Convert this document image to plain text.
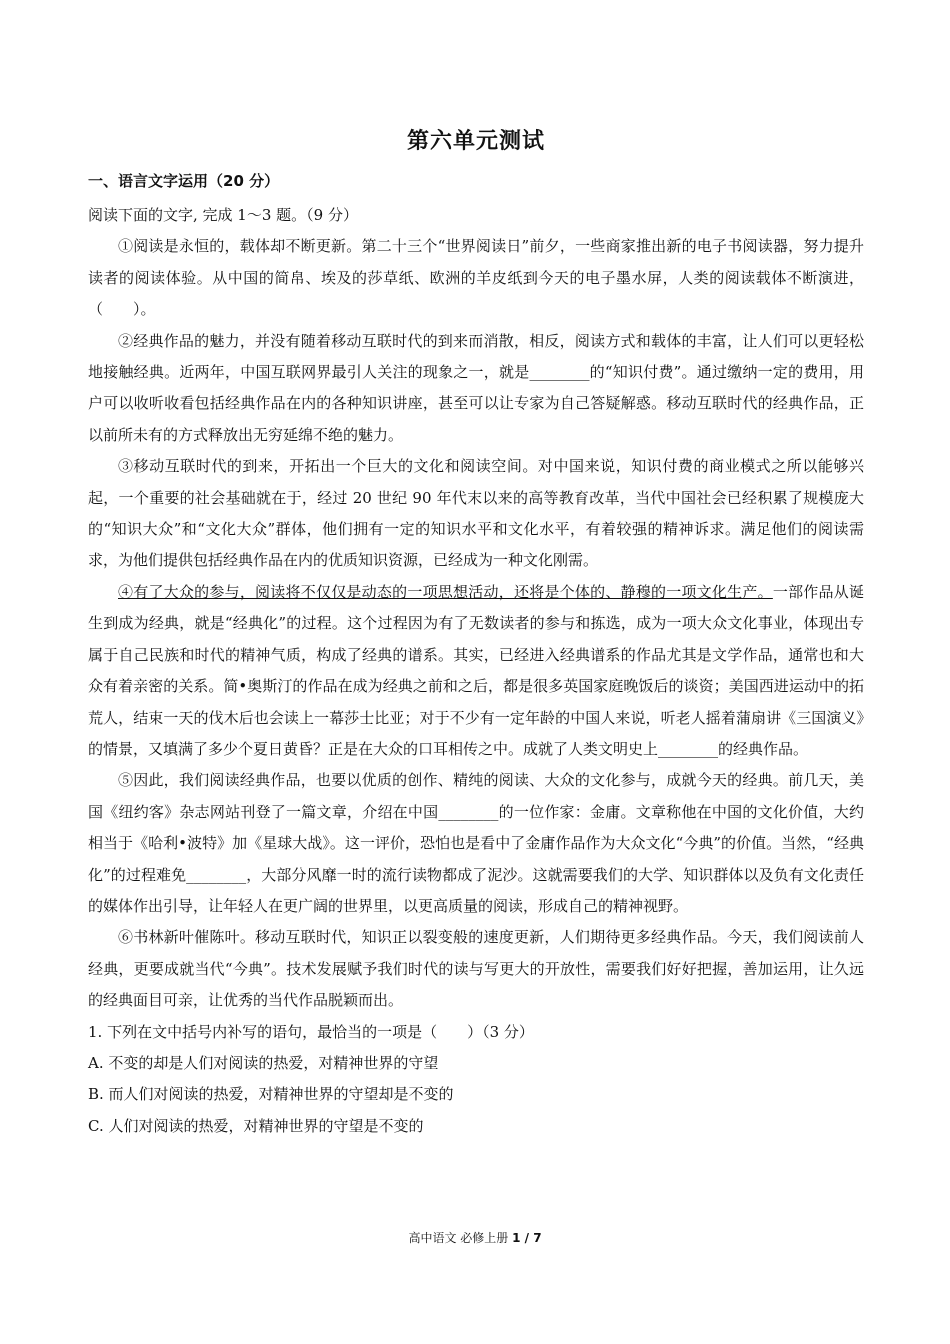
第六单元测试
一、语言文字运用（20 分）

阅读下面的文字, 完成 1～3 题。（9 分）

①阅读是永恒的，载体却不断更新。第二十三个“世界阅读日”前夕，一些商家推出新的电子书阅读器，努力提升读者的阅读体验。从中国的简帛、埃及的莎草纸、欧洲的羊皮纸到今天的电子墨水屏，人类的阅读载体不断演进，（　　）。

②经典作品的魅力，并没有随着移动互联时代的到来而消散，相反，阅读方式和载体的丰富，让人们可以更轻松地接触经典。近两年，中国互联网界最引人关注的现象之一，就是________的“知识付费”。通过缴纳一定的费用，用户可以收听收看包括经典作品在内的各种知识讲座，甚至可以让专家为自己答疑解惑。移动互联时代的经典作品，正以前所未有的方式释放出无穷延绵不绝的魅力。

③移动互联时代的到来，开拓出一个巨大的文化和阅读空间。对中国来说，知识付费的商业模式之所以能够兴起，一个重要的社会基础就在于，经过 20 世纪 90 年代末以来的高等教育改革，当代中国社会已经积累了规模庞大的“知识大众”和“文化大众”群体，他们拥有一定的知识水平和文化水平，有着较强的精神诉求。满足他们的阅读需求，为他们提供包括经典作品在内的优质知识资源，已经成为一种文化刚需。

④有了大众的参与，阅读将不仅仅是动态的一项思想活动，还将是个体的、静穆的一项文化生产。一部作品从诞生到成为经典，就是“经典化”的过程。这个过程因为有了无数读者的参与和拣选，成为一项大众文化事业，体现出专属于自己民族和时代的精神气质，构成了经典的谱系。其实，已经进入经典谱系的作品尤其是文学作品，通常也和大众有着亲密的关系。简•奥斯汀的作品在成为经典之前和之后，都是很多英国家庭晚饭后的谈资；美国西进运动中的拓荒人，结束一天的伐木后也会读上一幕莎士比亚；对于不少有一定年龄的中国人来说，听老人摇着蒲扇讲《三国演义》的情景，又填满了多少个夏日黄昏？正是在大众的口耳相传之中。成就了人类文明史上________的经典作品。

⑤因此，我们阅读经典作品，也要以优质的创作、精纯的阅读、大众的文化参与，成就今天的经典。前几天，美国《纽约客》杂志网站刊登了一篇文章，介绍在中国________的一位作家：金庸。文章称他在中国的文化价值，大约相当于《哈利•波特》加《星球大战》。这一评价，恐怕也是看中了金庸作品作为大众文化“今典”的价值。当然，“经典化”的过程难免________，大部分风靡一时的流行读物都成了泥沙。这就需要我们的大学、知识群体以及负有文化责任的媒体作出引导，让年轻人在更广阔的世界里，以更高质量的阅读，形成自己的精神视野。

⑥书林新叶催陈叶。移动互联时代，知识正以裂变般的速度更新，人们期待更多经典作品。今天，我们阅读前人经典，更要成就当代“今典”。技术发展赋予我们时代的读与写更大的开放性，需要我们好好把握，善加运用，让久远的经典面目可亲，让优秀的当代作品脱颖而出。

1. 下列在文中括号内补写的语句，最恰当的一项是（　　）（3 分）

A. 不变的却是人们对阅读的热爱，对精神世界的守望

B. 而人们对阅读的热爱，对精神世界的守望却是不变的

C. 人们对阅读的热爱，对精神世界的守望是不变的

高中语文 必修上册 1 / 7
